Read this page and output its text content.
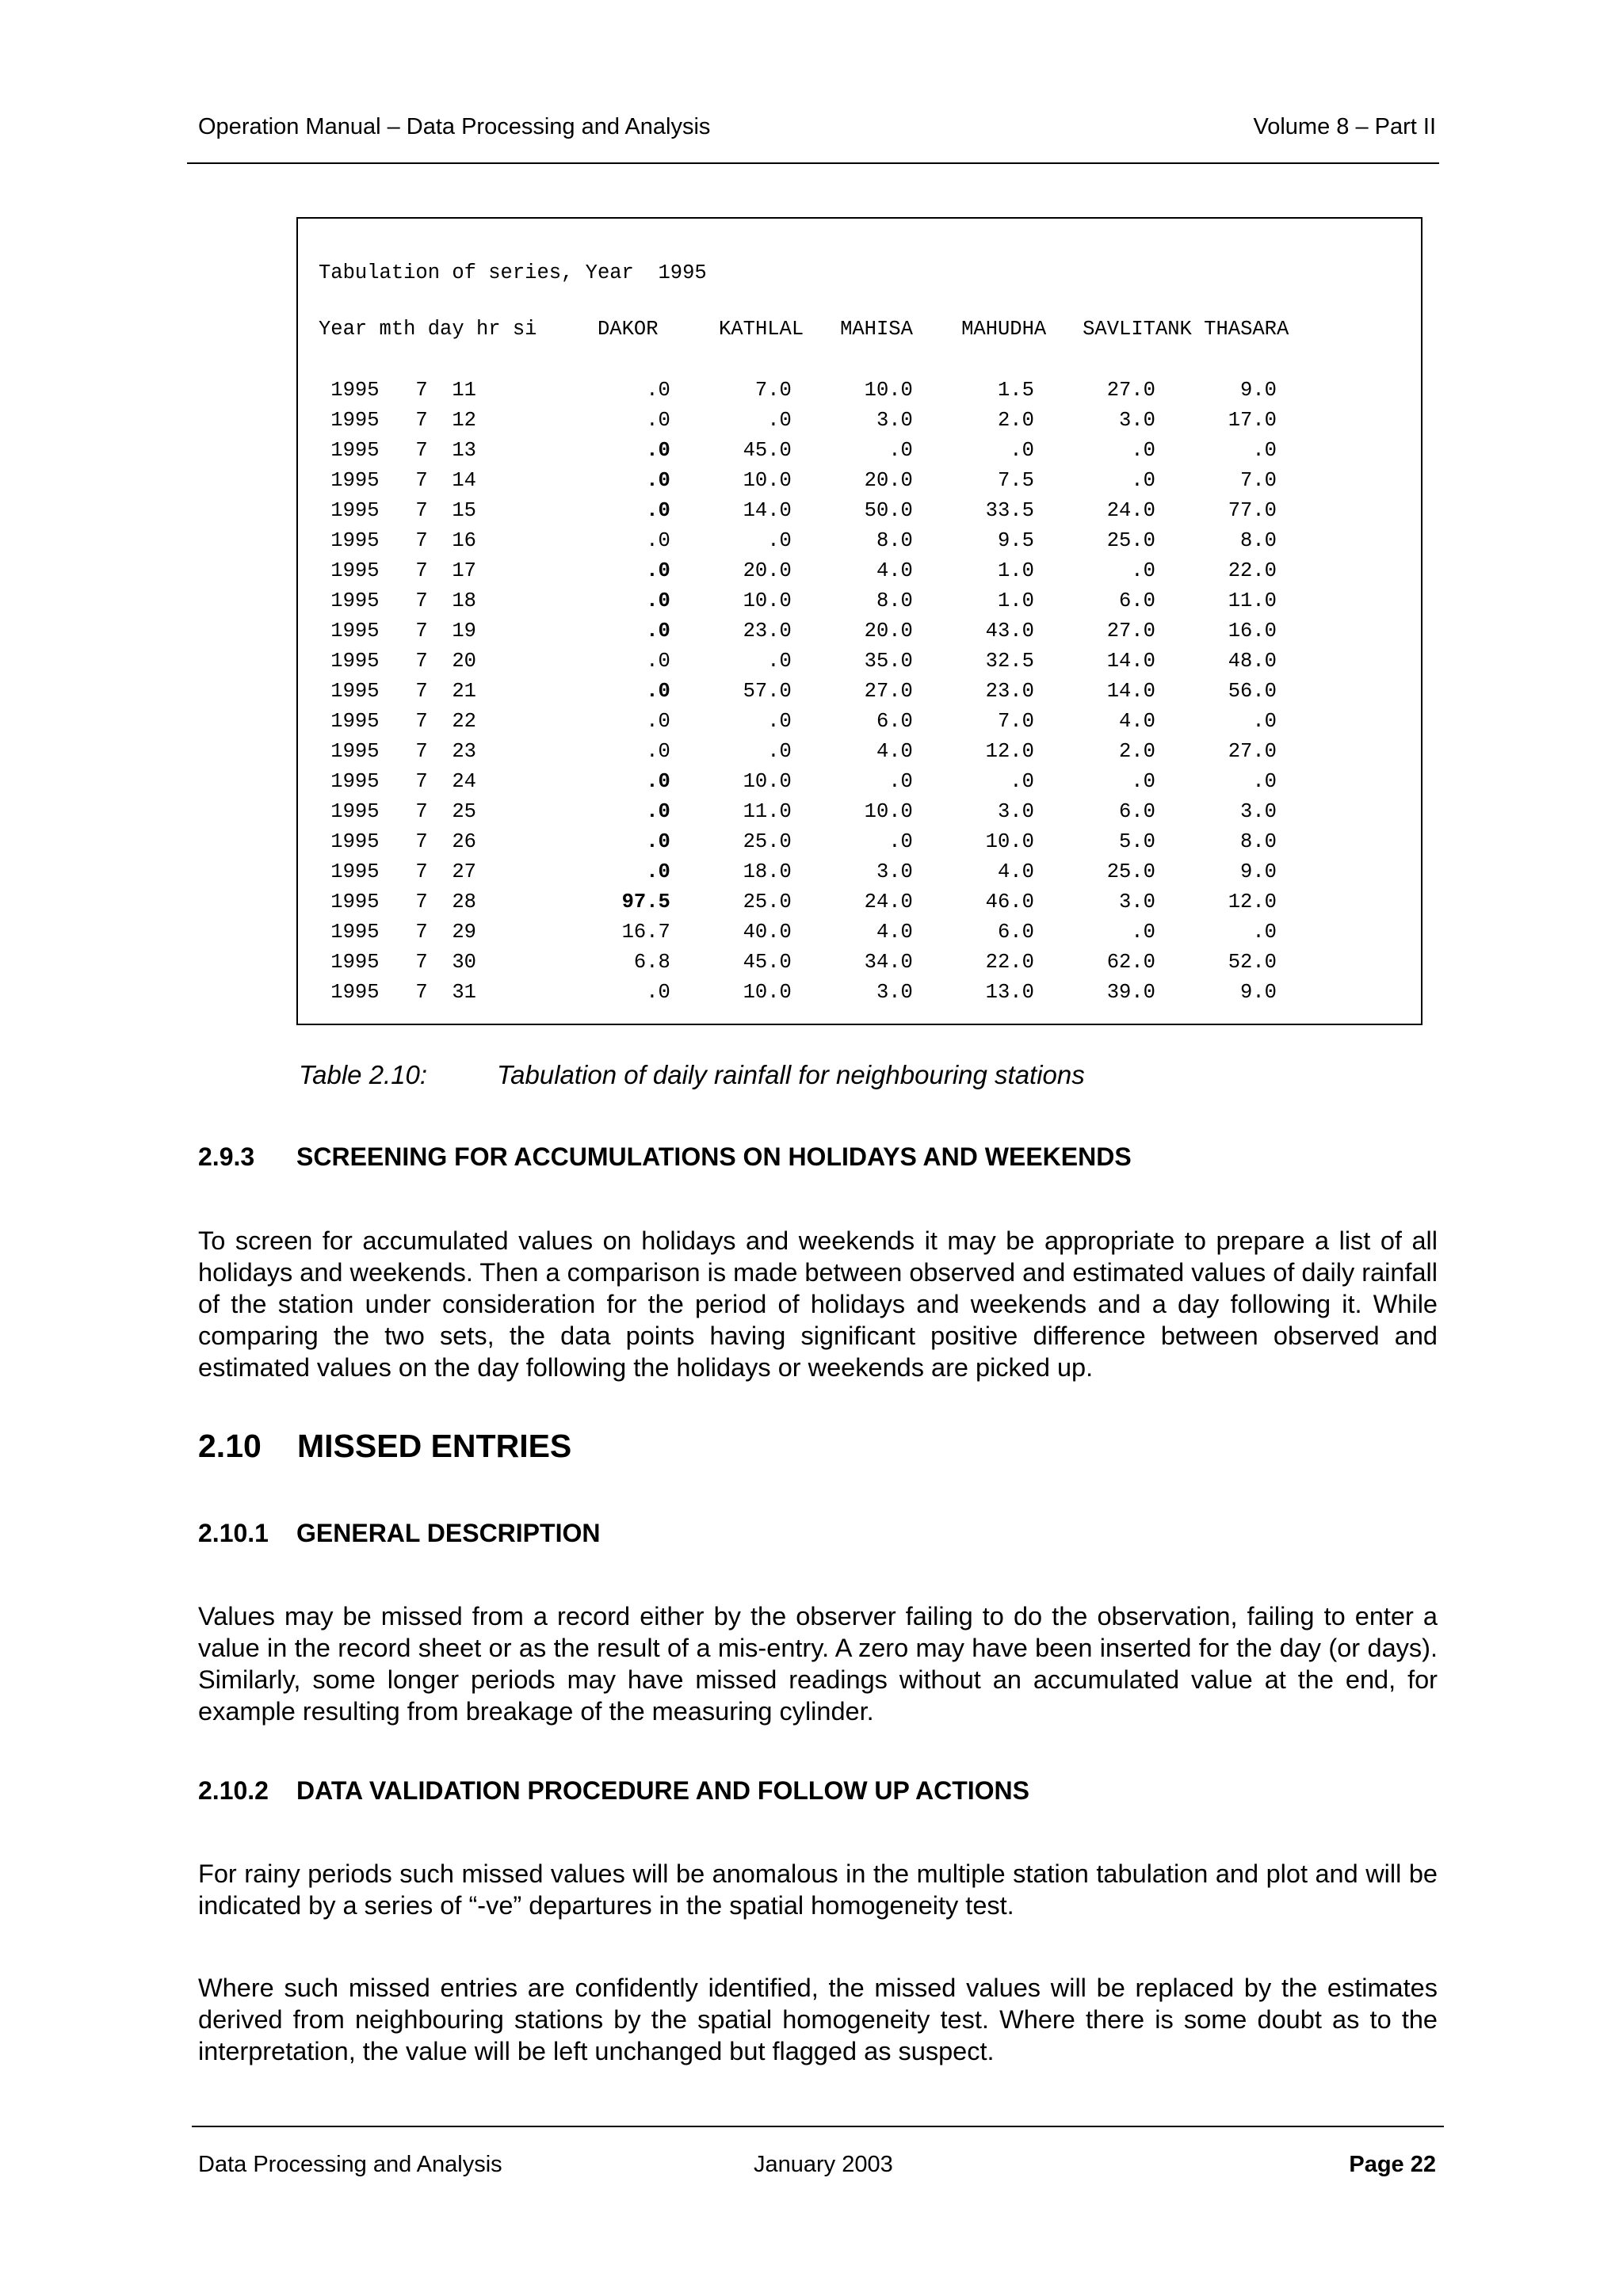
Operation Manual – Data Processing and Analysis	Volume 8 – Part II
Tabulation of series, Year  1995
Year mth day hr si     DAKOR     KATHLAL   MAHISA    MAHUDHA   SAVLITANK THASARA
1995   7  11              .0       7.0      10.0       1.5      27.0       9.0
1995   7  12              .0        .0       3.0       2.0       3.0      17.0
1995   7  13              .0      45.0        .0        .0        .0        .0
1995   7  14              .0      10.0      20.0       7.5        .0       7.0
1995   7  15              .0      14.0      50.0      33.5      24.0      77.0
1995   7  16              .0        .0       8.0       9.5      25.0       8.0
1995   7  17              .0      20.0       4.0       1.0        .0      22.0
1995   7  18              .0      10.0       8.0       1.0       6.0      11.0
1995   7  19              .0      23.0      20.0      43.0      27.0      16.0
1995   7  20              .0        .0      35.0      32.5      14.0      48.0
1995   7  21              .0      57.0      27.0      23.0      14.0      56.0
1995   7  22              .0        .0       6.0       7.0       4.0        .0
1995   7  23              .0        .0       4.0      12.0       2.0      27.0
1995   7  24              .0      10.0        .0        .0        .0        .0
1995   7  25              .0      11.0      10.0       3.0       6.0       3.0
1995   7  26              .0      25.0        .0      10.0       5.0       8.0
1995   7  27              .0      18.0       3.0       4.0      25.0       9.0
1995   7  28            97.5      25.0      24.0      46.0       3.0      12.0
1995   7  29            16.7      40.0       4.0       6.0        .0        .0
1995   7  30             6.8      45.0      34.0      22.0      62.0      52.0
1995   7  31              .0      10.0       3.0      13.0      39.0       9.0
Table 2.10:	Tabulation of daily rainfall for neighbouring stations
2.9.3 SCREENING FOR ACCUMULATIONS ON HOLIDAYS AND WEEKENDS
To screen for accumulated values on holidays and weekends it may be appropriate to prepare a list of all holidays and weekends. Then a comparison is made between observed and estimated values of daily rainfall of the station under consideration for the period of holidays and weekends and a day following it. While comparing the two sets, the data points having significant positive difference between observed and estimated values on the day following the holidays or weekends are picked up.
2.10 MISSED ENTRIES
2.10.1 GENERAL DESCRIPTION
Values may be missed from a record either by the observer failing to do the observation, failing to enter a value in the record sheet or as the result of a mis-entry. A zero may have been inserted for the day (or days). Similarly, some longer periods may have missed readings without an accumulated value at the end, for example resulting from breakage of the measuring cylinder.
2.10.2 DATA VALIDATION PROCEDURE AND FOLLOW UP ACTIONS
For rainy periods such missed values will be anomalous in the multiple station tabulation and plot and will be indicated by a series of “-ve” departures in the spatial homogeneity test.
Where such missed entries are confidently identified, the missed values will be replaced by the estimates derived from neighbouring stations by the spatial homogeneity test. Where there is some doubt as to the interpretation, the value will be left unchanged but flagged as suspect.
Data Processing and Analysis	January 2003	Page 22
